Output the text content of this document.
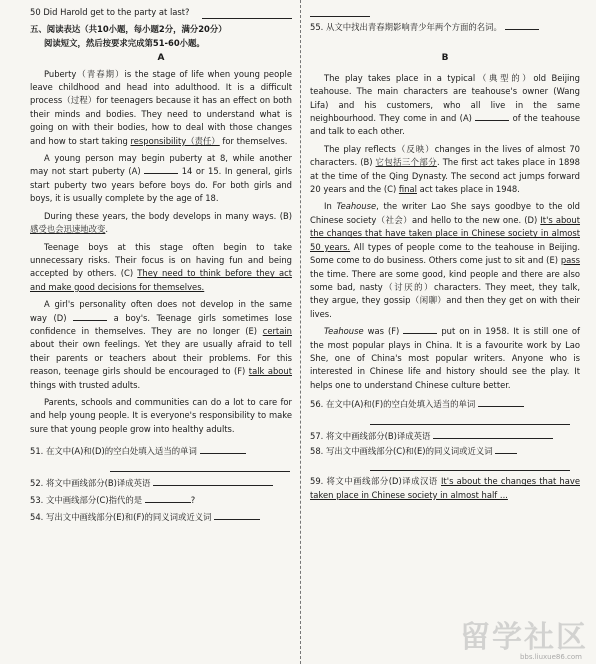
50 Did Harold get to the party at last?

五、阅读表达（共10小题，每小题2分，满分20分）

阅读短文，然后按要求完成第51-60小题。

A

Puberty（青春期）is the stage of life when young people leave childhood and head into adulthood. It is a difficult process（过程）for teenagers because it has an effect on both their minds and bodies. They need to understand what is going on with their bodies, how to deal with those changes and how to start taking responsibility（责任） for themselves.

A young person may begin puberty at 8, while another may not start puberty (A)	14 or 15. In general, girls start puberty two years before boys do. For both girls and boys, it is usually complete by the age of 18.

During these years, the body develops in many ways. (B) 感受也会迅速地改变.

Teenage boys at this stage often begin to take unnecessary risks. Their focus is on having fun and being accepted by others. (C) They need to think before they act and make good decisions for themselves.

A girl's personality often does not develop in the same way (D)	a boy's. Teenage girls sometimes lose confidence in themselves. They are no longer (E) certain about their own feelings. Yet they are usually afraid to tell their parents or teachers about their problems. For this reason, teenage girls should be encouraged to (F) talk about things with trusted adults.

Parents, schools and communities can do a lot to care for and help young people. It is everyone's responsibility to make sure that young people grow into healthy adults.

51. 在文中(A)和(D)的空白处填入适当的单词

52. 将文中画线部分(B)译成英语

53. 文中画线部分(C)指代的是	?

54. 写出文中画线部分(E)和(F)的同义词或近义词

55. 从文中找出青春期影响青少年两个方面的名词。

B

The play takes place in a typical（典型的）old Beijing teahouse. The main characters are teahouse's owner (Wang Lifa) and his customers, who all live in the same neighbourhood. They come in and (A)	of the teahouse and talk to each other.

The play reflects（反映）changes in the lives of almost 70 characters. (B) 它包括三个部分. The first act takes place in 1898 at the time of the Qing Dynasty. The second act jumps forward 20 years and the (C) final act takes place in 1948.

In Teahouse, the writer Lao She says goodbye to the old Chinese society（社会）and hello to the new one. (D) It's about the changes that have taken place in Chinese society in almost 50 years. All types of people come to the teahouse in Beijing. Some come to do business. Others come just to sit and (E) pass the time. There are some good, kind people and there are also some bad, nasty（讨厌的）characters. They meet, they talk, they argue, they gossip（闲聊）and then they get on with their lives.

Teahouse was (F)	put on in 1958. It is still one of the most popular plays in China. It is a favourite work by Lao She, one of China's most popular writers. Anyone who is interested in Chinese life and history should see the play. It helps one to understand Chinese culture better.

56. 在文中(A)和(F)的空白处填入适当的单词

57. 将文中画线部分(B)译成英语

58. 写出文中画线部分(C)和(E)的同义词或近义词

59. 将文中画线部分(D)译成汉语 It's about the changes that have taken place in Chinese society in almost half ...

留学社区
bbs.liuxue86.com
